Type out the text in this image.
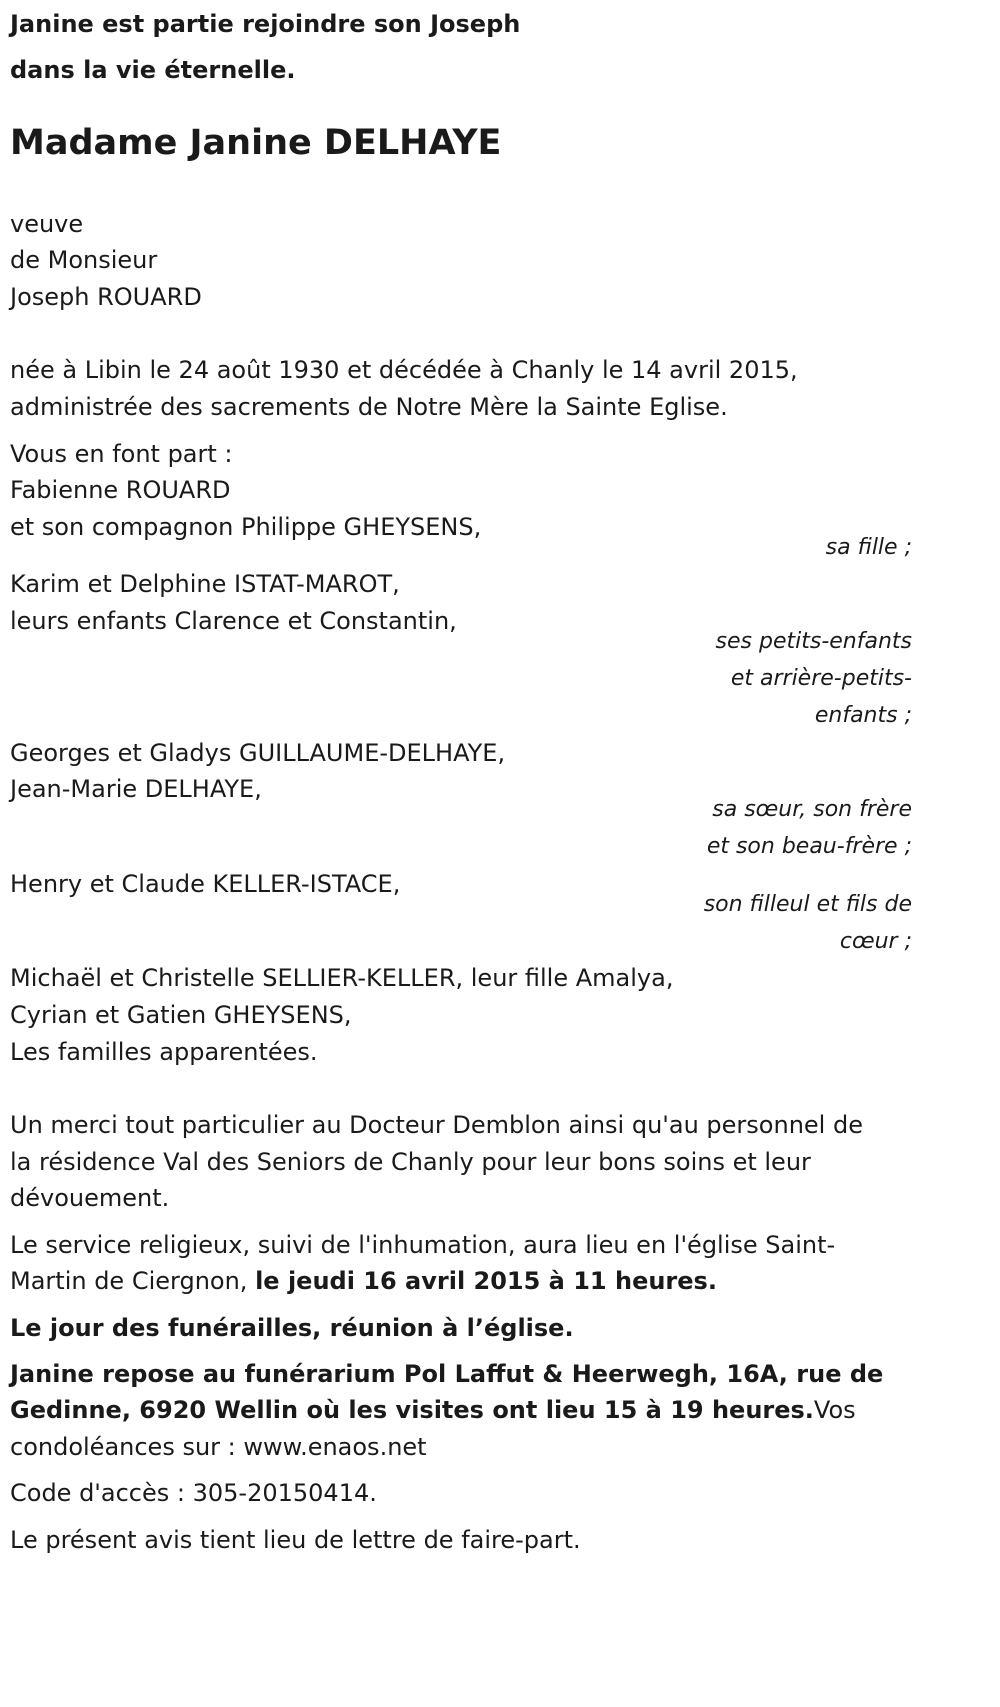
Janine est partie rejoindre son Joseph
dans la vie éternelle.
Madame Janine DELHAYE
veuve
de Monsieur
Joseph ROUARD
née à Libin le 24 août 1930 et décédée à Chanly le 14 avril 2015,
administrée des sacrements de Notre Mère la Sainte Eglise.
Vous en font part :
Fabienne ROUARD
et son compagnon Philippe GHEYSENS,
sa fille ;
Karim et Delphine ISTAT-MAROT,
leurs enfants Clarence et Constantin,
ses petits-enfants
et arrière-petits-
enfants ;
Georges et Gladys GUILLAUME-DELHAYE,
Jean-Marie DELHAYE,
sa sœur, son frère
et son beau-frère ;
Henry et Claude KELLER-ISTACE,
son filleul et fils de
cœur ;
Michaël et Christelle SELLIER-KELLER, leur fille Amalya,
Cyrian et Gatien GHEYSENS,
Les familles apparentées.
Un merci tout particulier au Docteur Demblon ainsi qu'au personnel de
la résidence Val des Seniors de Chanly pour leur bons soins et leur
dévouement.
Le service religieux, suivi de l'inhumation, aura lieu en l'église Saint-
Martin de Ciergnon, le jeudi 16 avril 2015 à 11 heures.
Le jour des funérailles, réunion à l’église.
Janine repose au funérarium Pol Laffut & Heerwegh, 16A, rue de
Gedinne, 6920 Wellin où les visites ont lieu 15 à 19 heures.Vos
condoléances sur : www.enaos.net
Code d'accès : 305-20150414.
Le présent avis tient lieu de lettre de faire-part.
